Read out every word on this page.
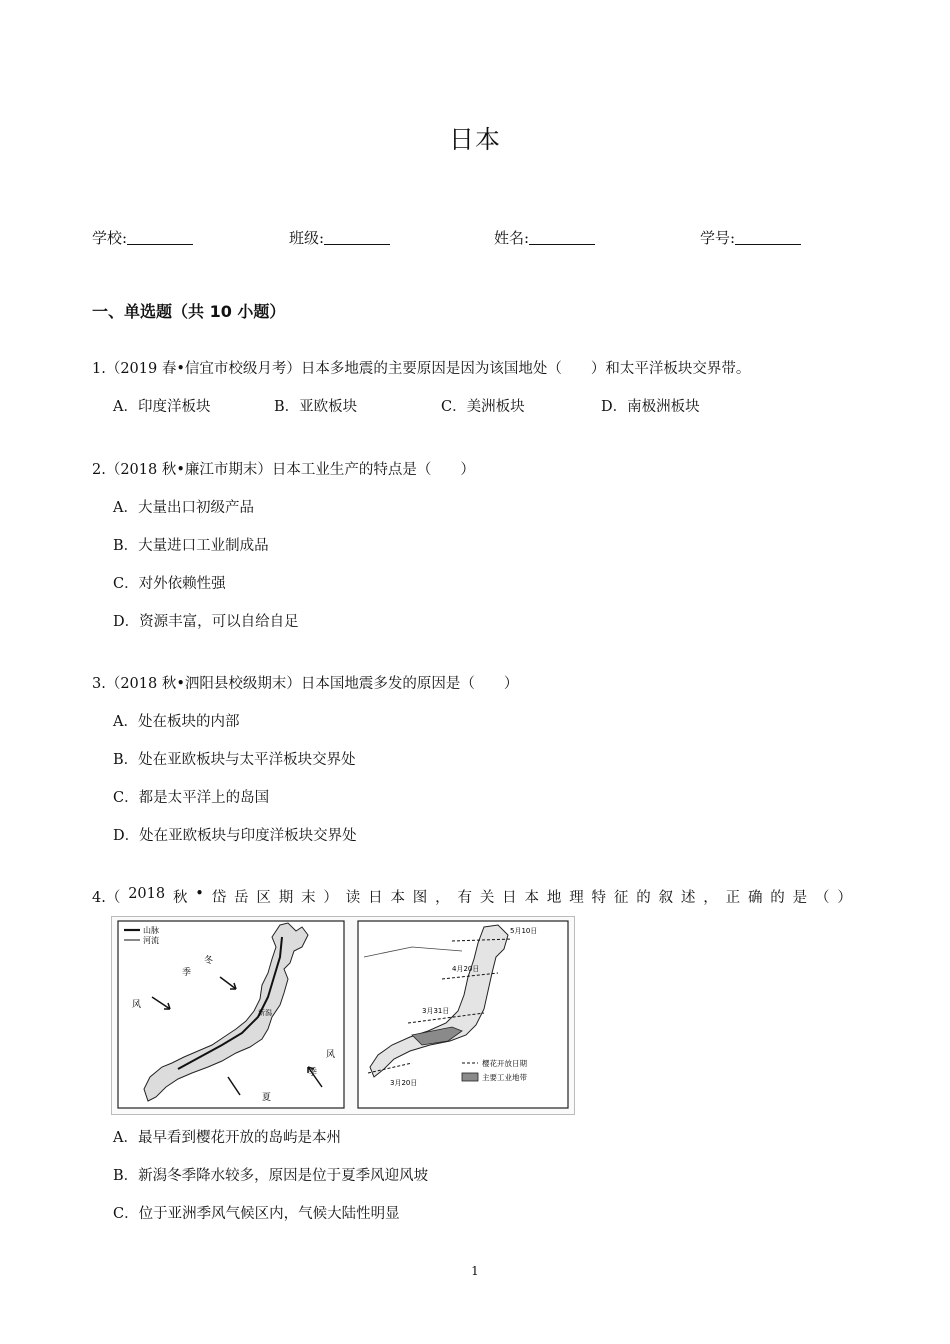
日本
学校:	班级:	姓名:	学号:
一、单选题（共 10 小题）
1.（2019 春•信宜市校级月考）日本多地震的主要原因是因为该国地处（　　）和太平洋板块交界带。
A．印度洋板块	B．亚欧板块	C．美洲板块	D．南极洲板块
2.（2018 秋•廉江市期末）日本工业生产的特点是（　　）
A．大量出口初级产品
B．大量进口工业制成品
C．对外依赖性强
D．资源丰富，可以自给自足
3.（2018 秋•泗阳县校级期末）日本国地震多发的原因是（　　）
A．处在板块的内部
B．处在亚欧板块与太平洋板块交界处
C．都是太平洋上的岛国
D．处在亚欧板块与印度洋板块交界处
4.（ 2018 秋 • 岱 岳 区 期 末 ） 读 日 本 图 ， 有 关 日 本 地 理 特 征 的 叙 述 ， 正 确 的 是 （ ）
山脉
河流
冬
季
风
新潟
夏
季
风
5月10日
4月20日
3月31日
3月20日
樱花开放日期
主要工业地带
A．最早看到樱花开放的岛屿是本州
B．新潟冬季降水较多，原因是位于夏季风迎风坡
C．位于亚洲季风气候区内，气候大陆性明显
1
